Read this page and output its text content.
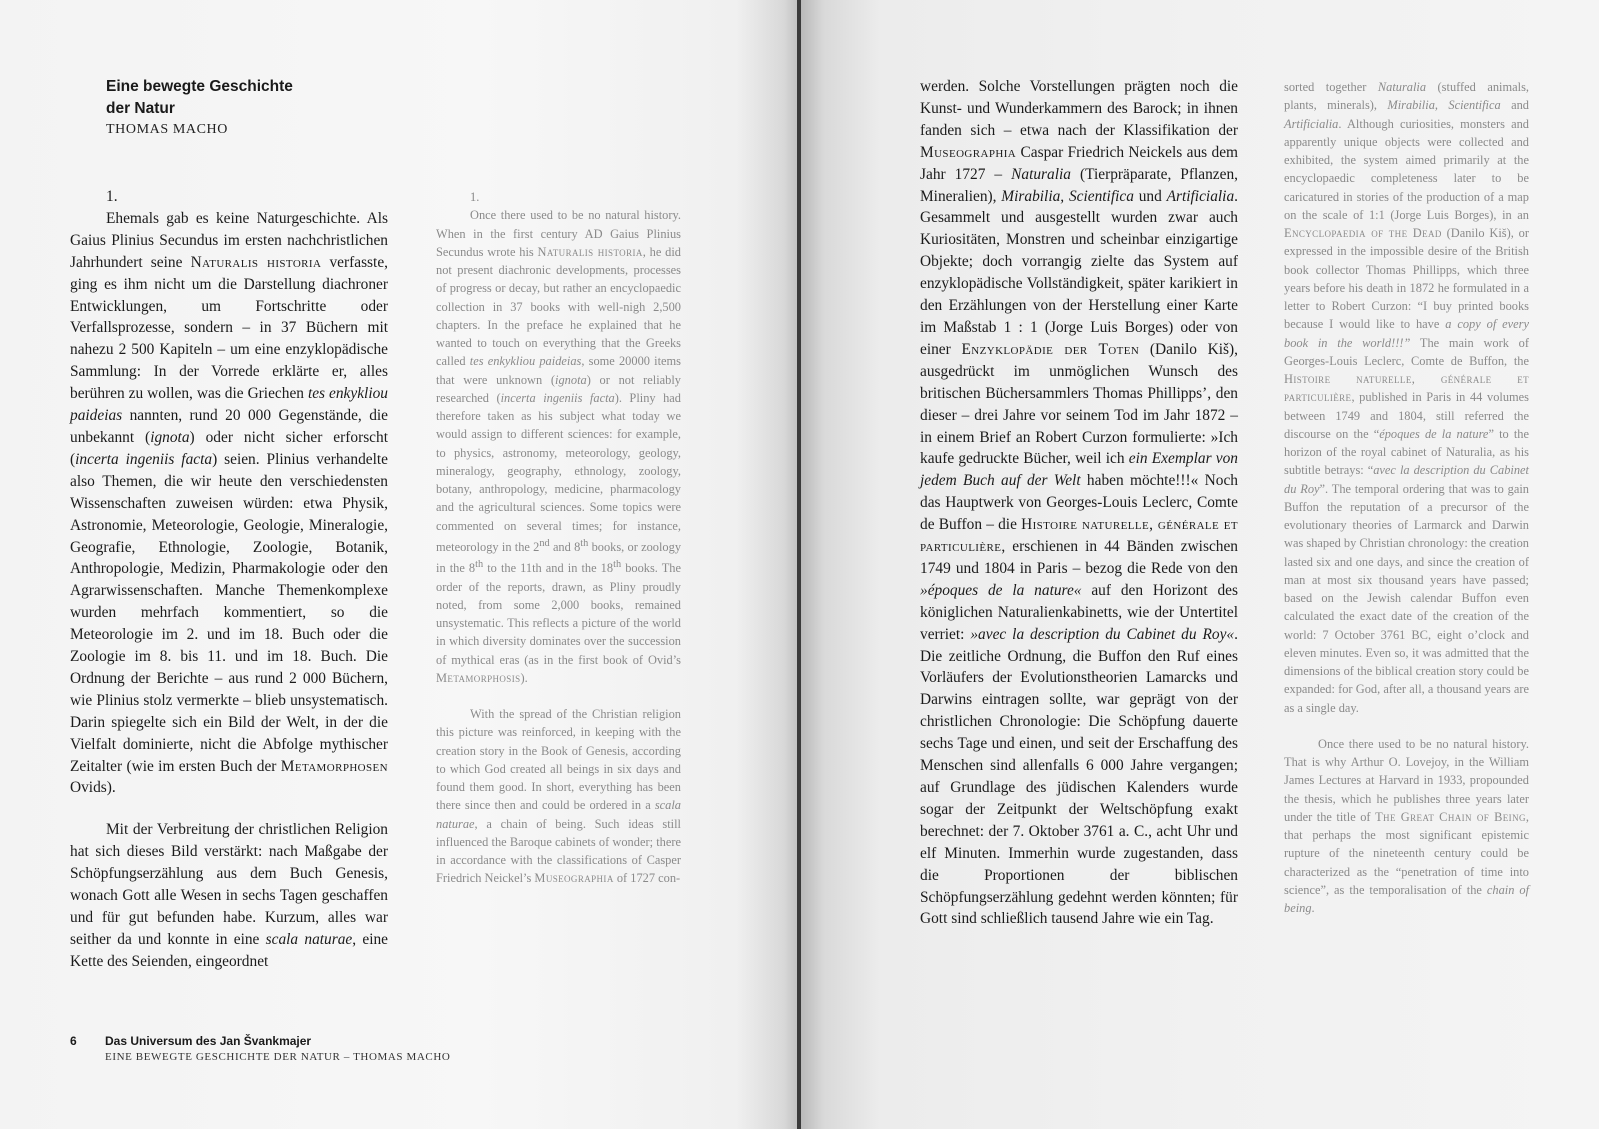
Eine bewegte Geschichte
der Natur
THOMAS MACHO

1.

Ehemals gab es keine Naturgeschichte. Als Gaius Plinius Secundus im ersten nachchristlichen Jahrhundert seine Naturalis historia verfasste, ging es ihm nicht um die Darstellung diachroner Entwicklungen, um Fortschritte oder Verfallsprozesse, sondern – in 37 Büchern mit nahezu 2 500 Kapiteln – um eine enzyklopädische Sammlung: In der Vorrede erklärte er, alles berühren zu wollen, was die Griechen tes enkykliou paideias nannten, rund 20 000 Gegenstände, die unbekannt (ignota) oder nicht sicher erforscht (incerta ingeniis facta) seien. Plinius verhandelte also Themen, die wir heute den verschiedensten Wissenschaften zuweisen würden: etwa Physik, Astronomie, Meteorologie, Geologie, Mineralogie, Geografie, Ethnologie, Zoologie, Botanik, Anthropologie, Medizin, Pharmakologie oder den Agrarwissenschaften. Manche Themenkomplexe wurden mehrfach kommentiert, so die Meteorologie im 2. und im 18. Buch oder die Zoologie im 8. bis 11. und im 18. Buch. Die Ordnung der Berichte – aus rund 2 000 Büchern, wie Plinius stolz vermerkte – blieb unsystematisch. Darin spiegelte sich ein Bild der Welt, in der die Vielfalt dominierte, nicht die Abfolge mythischer Zeitalter (wie im ersten Buch der Metamorphosen Ovids).

Mit der Verbreitung der christlichen Religion hat sich dieses Bild verstärkt: nach Maßgabe der Schöpfungserzählung aus dem Buch Genesis, wonach Gott alle Wesen in sechs Tagen geschaffen und für gut befunden habe. Kurzum, alles war seither da und konnte in eine scala naturae, eine Kette des Seienden, eingeordnet

1.

Once there used to be no natural history. When in the first century AD Gaius Plinius Secundus wrote his Naturalis historia, he did not present diachronic developments, processes of progress or decay, but rather an encyclopaedic collection in 37 books with well-nigh 2,500 chapters. In the preface he explained that he wanted to touch on everything that the Greeks called tes enkykliou paideias, some 20000 items that were unknown (ignota) or not reliably researched (incerta ingeniis facta). Pliny had therefore taken as his subject what today we would assign to different sciences: for example, to physics, astronomy, meteorology, geology, mineralogy, geography, ethnology, zoology, botany, anthropology, medicine, pharmacology and the agricultural sciences. Some topics were commented on several times; for instance, meteorology in the 2nd and 8th books, or zoology in the 8th to the 11th and in the 18th books. The order of the reports, drawn, as Pliny proudly noted, from some 2,000 books, remained unsystematic. This reflects a picture of the world in which diversity dominates over the succession of mythical eras (as in the first book of Ovid’s Metamorphosis).

With the spread of the Christian religion this picture was reinforced, in keeping with the creation story in the Book of Genesis, according to which God created all beings in six days and found them good. In short, everything has been there since then and could be ordered in a scala naturae, a chain of being. Such ideas still influenced the Baroque cabinets of wonder; there in accordance with the classifications of Casper Friedrich Neickel’s Museographia of 1727 con-

6 Das Universum des Jan Švankmajer
EINE BEWEGTE GESCHICHTE DER NATUR – THOMAS MACHO

werden. Solche Vorstellungen prägten noch die Kunst- und Wunderkammern des Barock; in ihnen fanden sich – etwa nach der Klassifikation der Museographia Caspar Friedrich Neickels aus dem Jahr 1727 – Naturalia (Tierpräparate, Pflanzen, Mineralien), Mirabilia, Scientifica und Artificialia. Gesammelt und ausgestellt wurden zwar auch Kuriositäten, Monstren und scheinbar einzigartige Objekte; doch vorrangig zielte das System auf enzyklopädische Vollständigkeit, später karikiert in den Erzählungen von der Herstellung einer Karte im Maßstab 1 : 1 (Jorge Luis Borges) oder von einer Enzyklopädie der Toten (Danilo Kiš), ausgedrückt im unmöglichen Wunsch des britischen Büchersammlers Thomas Phillipps’, den dieser – drei Jahre vor seinem Tod im Jahr 1872 – in einem Brief an Robert Curzon formulierte: »Ich kaufe gedruckte Bücher, weil ich ein Exemplar von jedem Buch auf der Welt haben möchte!!!« Noch das Hauptwerk von Georges-Louis Leclerc, Comte de Buffon – die Histoire naturelle, générale et particulière, erschienen in 44 Bänden zwischen 1749 und 1804 in Paris – bezog die Rede von den »époques de la nature« auf den Horizont des königlichen Naturalienkabinetts, wie der Untertitel verriet: »avec la description du Cabinet du Roy«. Die zeitliche Ordnung, die Buffon den Ruf eines Vorläufers der Evolutionstheorien Lamarcks und Darwins eintragen sollte, war geprägt von der christlichen Chronologie: Die Schöpfung dauerte sechs Tage und einen, und seit der Erschaffung des Menschen sind allenfalls 6 000 Jahre vergangen; auf Grundlage des jüdischen Kalenders wurde sogar der Zeitpunkt der Weltschöpfung exakt berechnet: der 7. Oktober 3761 a. C., acht Uhr und elf Minuten. Immerhin wurde zugestanden, dass die Proportionen der biblischen Schöpfungserzählung gedehnt werden könnten; für Gott sind schließlich tausend Jahre wie ein Tag.

sorted together Naturalia (stuffed animals, plants, minerals), Mirabilia, Scientifica and Artificialia. Although curiosities, monsters and apparently unique objects were collected and exhibited, the system aimed primarily at the encyclopaedic completeness later to be caricatured in stories of the production of a map on the scale of 1:1 (Jorge Luis Borges), in an Encyclopaedia of the Dead (Danilo Kiš), or expressed in the impossible desire of the British book collector Thomas Phillipps, which three years before his death in 1872 he formulated in a letter to Robert Curzon: “I buy printed books because I would like to have a copy of every book in the world!!!” The main work of Georges-Louis Leclerc, Comte de Buffon, the Histoire naturelle, générale et particulière, published in Paris in 44 volumes between 1749 and 1804, still referred the discourse on the “époques de la nature” to the horizon of the royal cabinet of Naturalia, as his subtitle betrays: “avec la description du Cabinet du Roy”. The temporal ordering that was to gain Buffon the reputation of a precursor of the evolutionary theories of Larmarck and Darwin was shaped by Christian chronology: the creation lasted six and one days, and since the creation of man at most six thousand years have passed; based on the Jewish calendar Buffon even calculated the exact date of the creation of the world: 7 October 3761 BC, eight o’clock and eleven minutes. Even so, it was admitted that the dimensions of the biblical creation story could be expanded: for God, after all, a thousand years are as a single day.

Once there used to be no natural history. That is why Arthur O. Lovejoy, in the William James Lectures at Harvard in 1933, propounded the thesis, which he publishes three years later under the title of The Great Chain of Being, that perhaps the most significant epistemic rupture of the nineteenth century could be characterized as the “penetration of time into science”, as the temporalisation of the chain of being.
